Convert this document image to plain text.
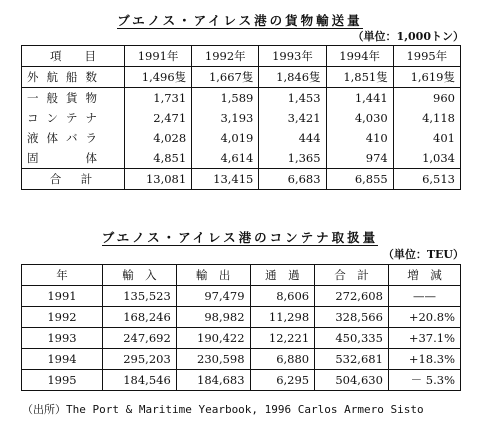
ブエノス・アイレス港の貨物輸送量
（単位：1,000トン）
項　　目	1991年	1992年	1993年	1994年	1995年
外航船数	1,496隻	1,667隻	1,846隻	1,851隻	1,619隻
一般貨物	1,731	1,589	1,453	1,441	960
コンテナ	2,471	3,193	3,421	4,030	4,118
液体バラ	4,028	4,019	444	410	401
固　　体	4,851	4,614	1,365	974	1,034
合　計	13,081	13,415	6,683	6,855	6,513
ブエノス・アイレス港のコンテナ取扱量
（単位：TEU）
年	輸　入	輸　出	通　過	合　計	増　減
1991	135,523	97,479	8,606	272,608	——
1992	168,246	98,982	11,298	328,566	+20.8%
1993	247,692	190,422	12,221	450,335	+37.1%
1994	295,203	230,598	6,880	532,681	+18.3%
1995	184,546	184,683	6,295	504,630	－ 5.3%
（出所）The Port & Maritime Yearbook, 1996 Carlos Armero Sisto
